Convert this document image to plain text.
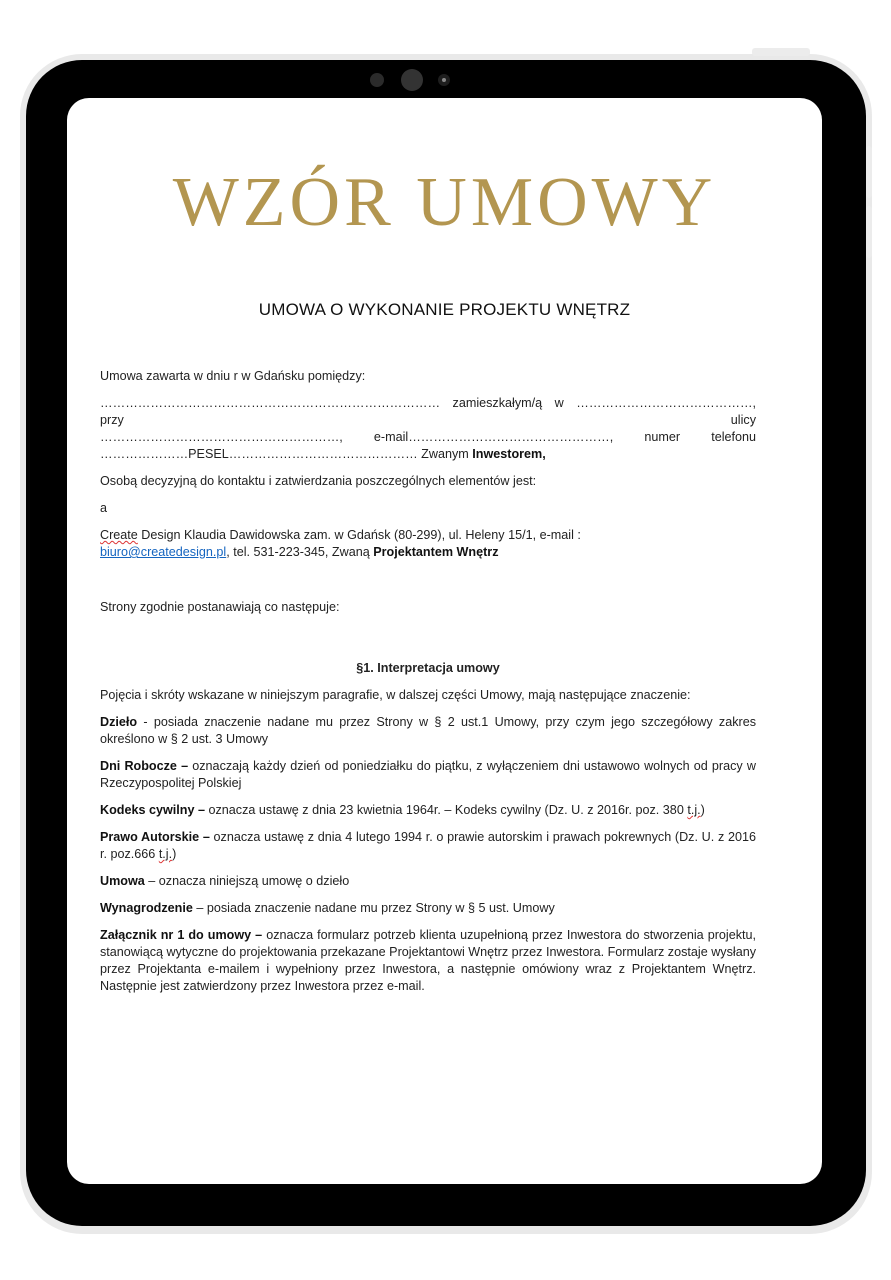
WZÓR UMOWY
UMOWA O WYKONANIE PROJEKTU WNĘTRZ

Umowa zawarta w dniu r w Gdańsku pomiędzy:

……………………………………………………………………… zamieszkałym/ą w ……………………………………, przy	ulicy
…………………………………………………, e-mail…………………………………………, numer telefonu
…………………PESEL……………………………………… Zwanym Inwestorem,

Osobą decyzyjną do kontaktu i zatwierdzania poszczególnych elementów jest:

a

Create Design Klaudia Dawidowska zam. w Gdańsk (80-299), ul. Heleny 15/1, e-mail :
biuro@createdesign.pl, tel. 531-223-345, Zwaną Projektantem Wnętrz

Strony zgodnie postanawiają co następuje:

§1. Interpretacja umowy

Pojęcia i skróty wskazane w niniejszym paragrafie, w dalszej części Umowy, mają następujące znaczenie:

Dzieło - posiada znaczenie nadane mu przez Strony w § 2 ust.1 Umowy, przy czym jego szczegółowy zakres określono w § 2 ust. 3 Umowy

Dni Robocze – oznaczają każdy dzień od poniedziałku do piątku, z wyłączeniem dni ustawowo wolnych od pracy w Rzeczypospolitej Polskiej

Kodeks cywilny – oznacza ustawę z dnia 23 kwietnia 1964r. – Kodeks cywilny (Dz. U. z 2016r. poz. 380 t.j.)

Prawo Autorskie – oznacza ustawę z dnia 4 lutego 1994 r. o prawie autorskim i prawach pokrewnych (Dz. U. z 2016 r. poz.666 t.j.)

Umowa – oznacza niniejszą umowę o dzieło

Wynagrodzenie – posiada znaczenie nadane mu przez Strony w § 5 ust. Umowy

Załącznik nr 1 do umowy – oznacza formularz potrzeb klienta uzupełnioną przez Inwestora do stworzenia projektu, stanowiącą wytyczne do projektowania przekazane Projektantowi Wnętrz przez Inwestora. Formularz zostaje wysłany przez Projektanta e-mailem i wypełniony przez Inwestora, a następnie omówiony wraz z Projektantem Wnętrz. Następnie jest zatwierdzony przez Inwestora przez e-mail.
